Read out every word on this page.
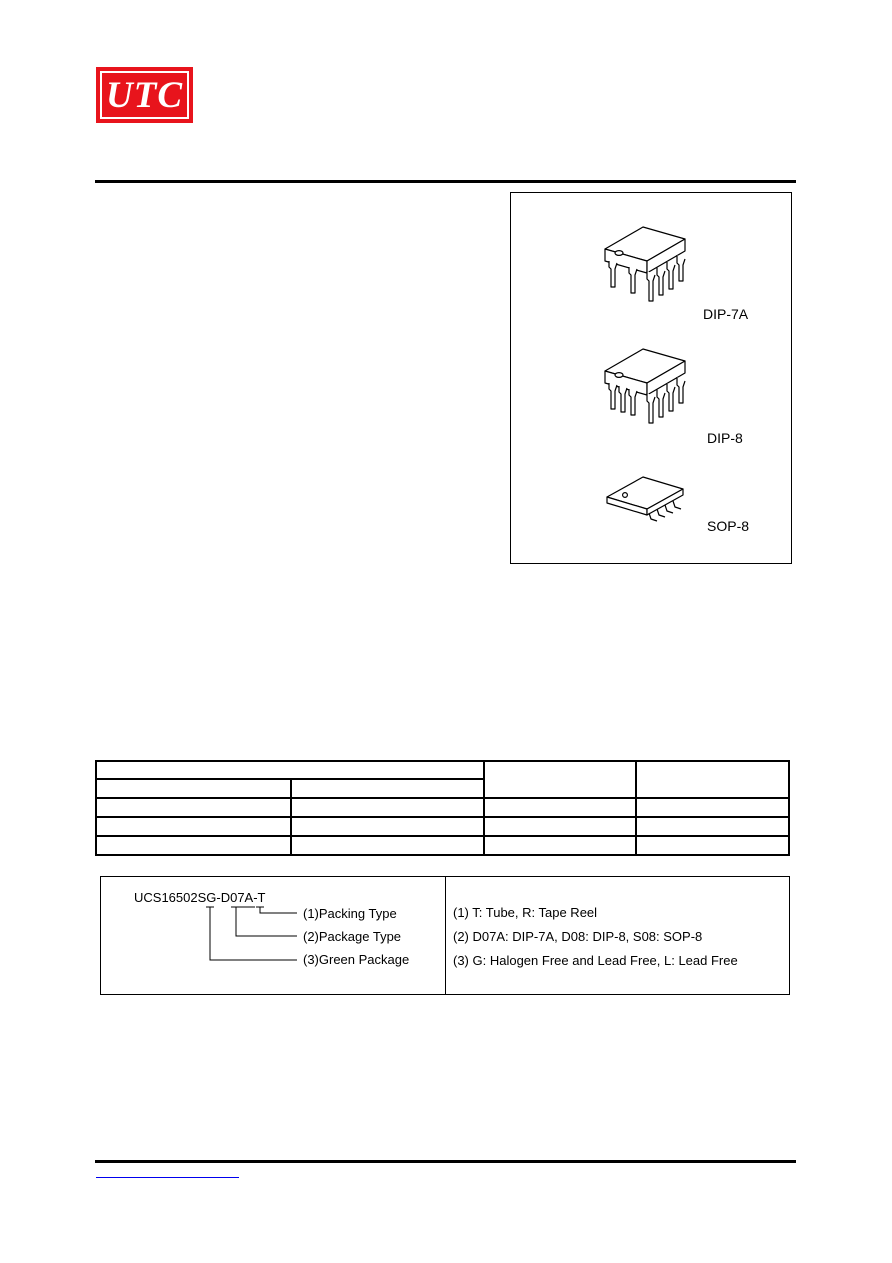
UTC
DIP-7A
DIP-8
SOP-8
UCS16502SG-D07A-T
(1)Packing Type
(2)Package Type
(3)Green Package
(1) T: Tube, R: Tape Reel
(2) D07A: DIP-7A, D08: DIP-8, S08: SOP-8
(3) G: Halogen Free and Lead Free, L: Lead Free
